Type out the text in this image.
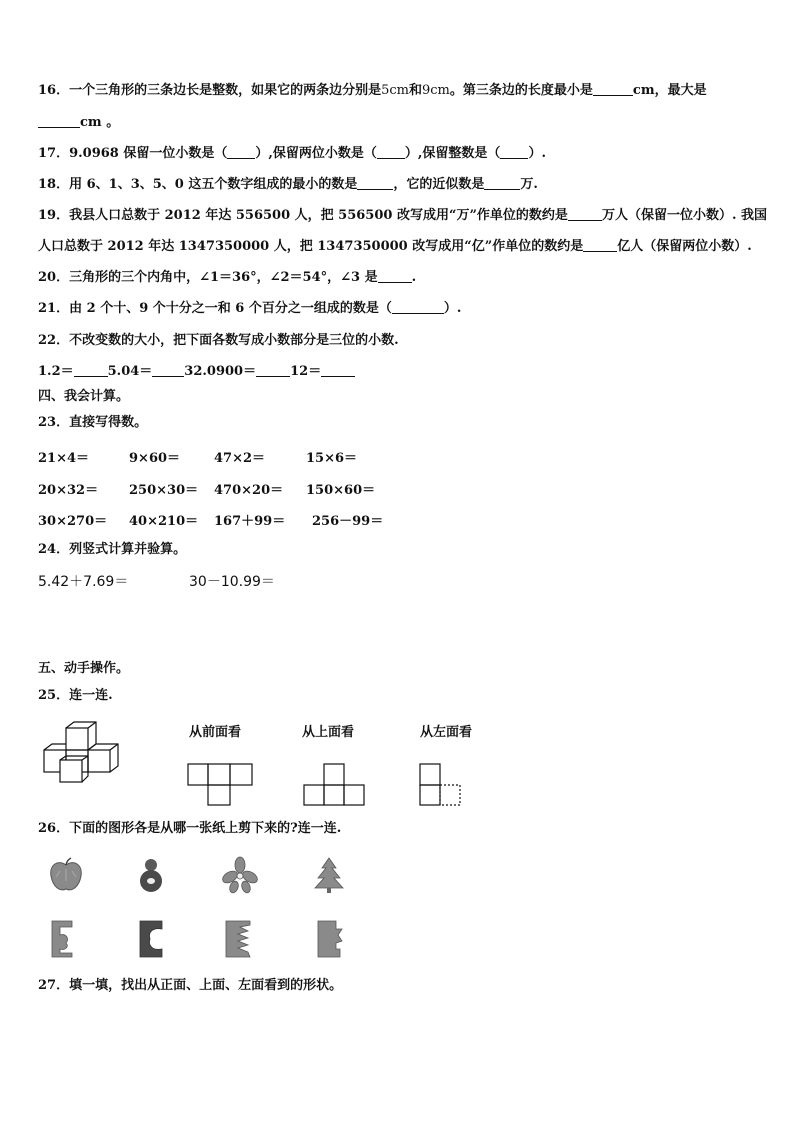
16．一个三角形的三条边长是整数，如果它的两条边分别是5cm和9cm。第三条边的长度最小是	cm，最大是
cm 。
17．9.0968 保留一位小数是（ ）,保留两位小数是（ ）,保留整数是（ ）.
18．用 6、1、3、5、0 这五个数字组成的最小的数是	，它的近似数是	万.
19．我县人口总数于 2012 年达 556500 人，把 556500 改写成用“万”作单位的数约是	万人（保留一位小数）. 我国
人口总数于 2012 年达 1347350000 人，把 1347350000 改写成用“亿”作单位的数约是	亿人（保留两位小数）.
20．三角形的三个内角中，∠1＝36°，∠2＝54°，∠3 是	.
21．由 2 个十、9 个十分之一和 6 个百分之一组成的数是（	）.
22．不改变数的大小，把下面各数写成小数部分是三位的小数.
1.2＝	5.04＝ 32.0900＝	12＝
四、我会计算。
23．直接写得数。
21×4＝	9×60＝	47×2＝	15×6＝
20×32＝ 250×30＝ 470×20＝ 150×60＝
30×270＝ 40×210＝ 167＋99＝ 256－99＝
24．列竖式计算并验算。
5.42＋7.69＝	30－10.99＝
五、动手操作。
25．连一连.
从前面看	从上面看	从左面看
26．下面的图形各是从哪一张纸上剪下来的?连一连.
27．填一填，找出从正面、上面、左面看到的形状。
